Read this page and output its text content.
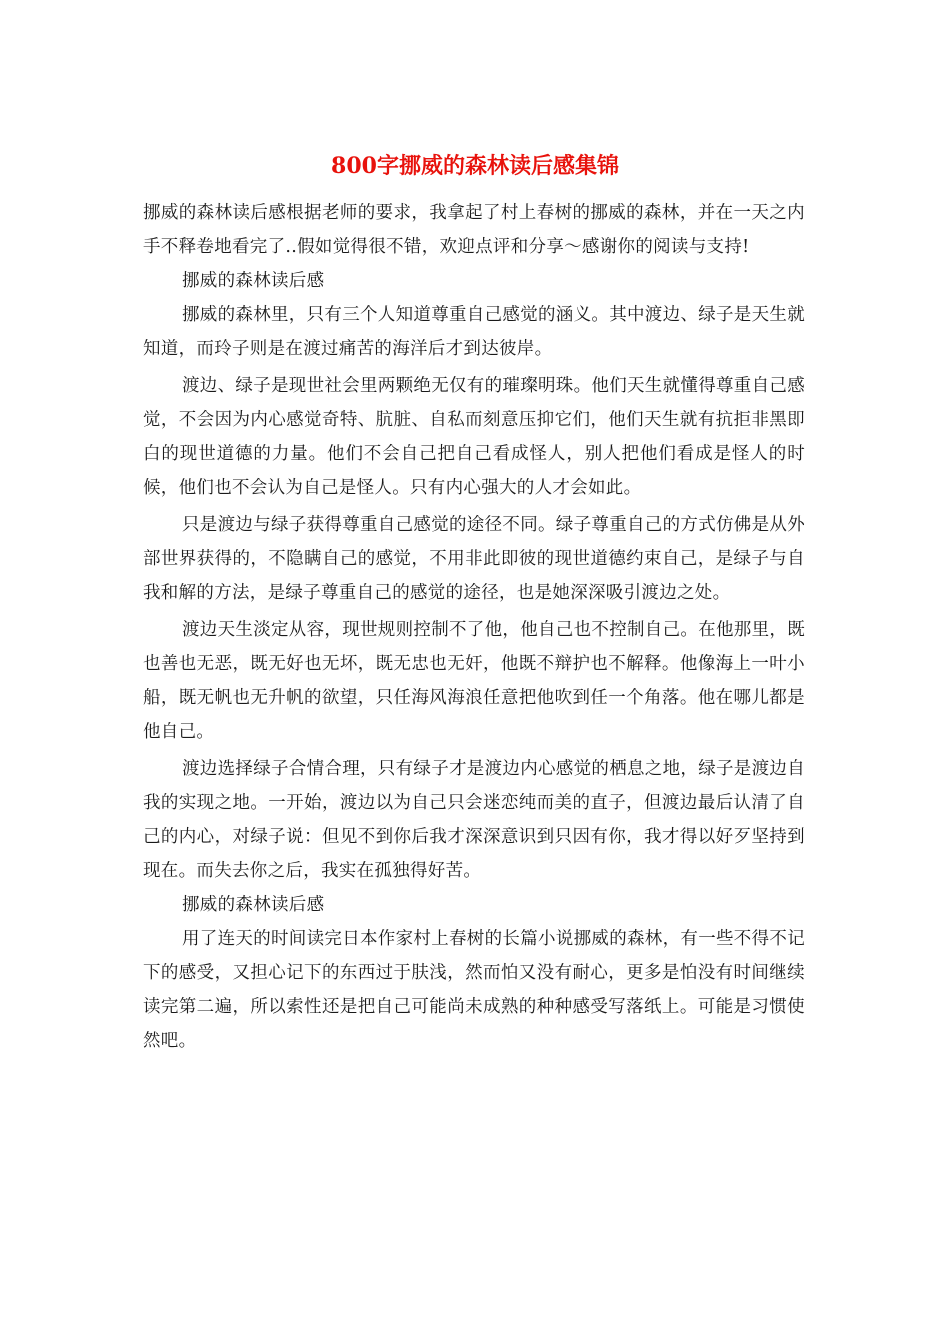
800字挪威的森林读后感集锦

挪威的森林读后感根据老师的要求，我拿起了村上春树的挪威的森林，并在一天之内手不释卷地看完了..假如觉得很不错，欢迎点评和分享～感谢你的阅读与支持!

挪威的森林读后感

挪威的森林里，只有三个人知道尊重自己感觉的涵义。其中渡边、绿子是天生就知道，而玲子则是在渡过痛苦的海洋后才到达彼岸。

渡边、绿子是现世社会里两颗绝无仅有的璀璨明珠。他们天生就懂得尊重自己感觉，不会因为内心感觉奇特、肮脏、自私而刻意压抑它们，他们天生就有抗拒非黑即白的现世道德的力量。他们不会自己把自己看成怪人，别人把他们看成是怪人的时候，他们也不会认为自己是怪人。只有内心强大的人才会如此。

只是渡边与绿子获得尊重自己感觉的途径不同。绿子尊重自己的方式仿佛是从外部世界获得的，不隐瞒自己的感觉，不用非此即彼的现世道德约束自己，是绿子与自我和解的方法，是绿子尊重自己的感觉的途径，也是她深深吸引渡边之处。

渡边天生淡定从容，现世规则控制不了他，他自己也不控制自己。在他那里，既也善也无恶，既无好也无坏，既无忠也无奸，他既不辩护也不解释。他像海上一叶小船，既无帆也无升帆的欲望，只任海风海浪任意把他吹到任一个角落。他在哪儿都是他自己。

渡边选择绿子合情合理，只有绿子才是渡边内心感觉的栖息之地，绿子是渡边自我的实现之地。一开始，渡边以为自己只会迷恋纯而美的直子，但渡边最后认清了自己的内心，对绿子说：但见不到你后我才深深意识到只因有你，我才得以好歹坚持到现在。而失去你之后，我实在孤独得好苦。

挪威的森林读后感

用了连天的时间读完日本作家村上春树的长篇小说挪威的森林，有一些不得不记下的感受，又担心记下的东西过于肤浅，然而怕又没有耐心，更多是怕没有时间继续读完第二遍，所以索性还是把自己可能尚未成熟的种种感受写落纸上。可能是习惯使然吧。
